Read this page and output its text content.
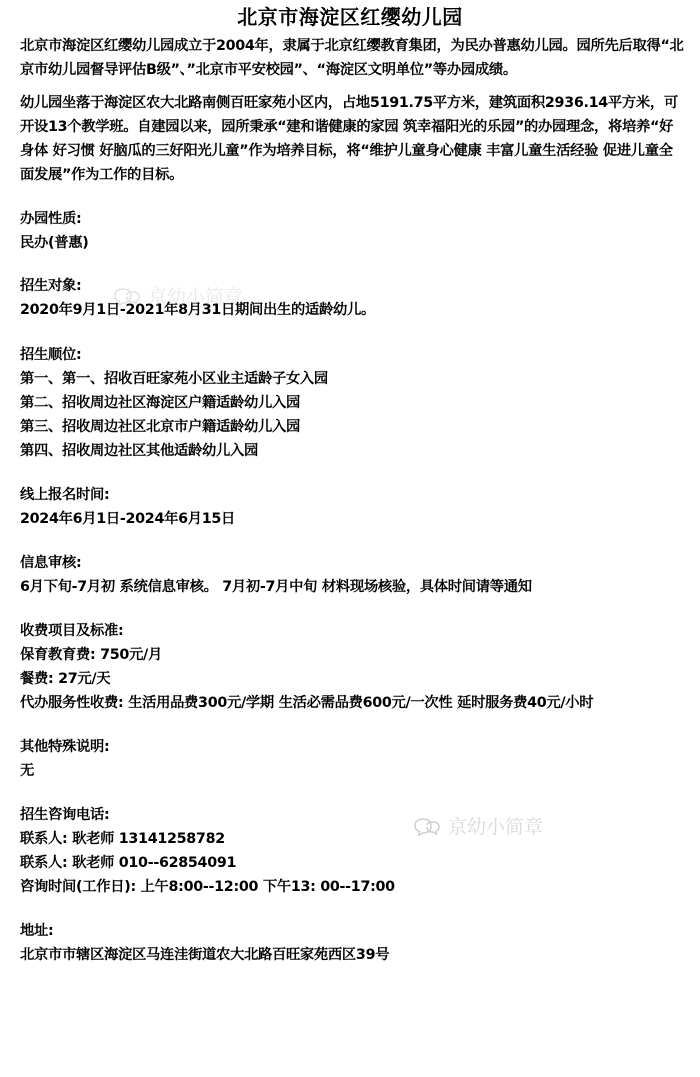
北京市海淀区红缨幼儿园

北京市海淀区红缨幼儿园成立于2004年，隶属于北京红缨教育集团，为民办普惠幼儿园。园所先后取得“北京市幼儿园督导评估B级”、”北京市平安校园”、“海淀区文明单位”等办园成绩。

幼儿园坐落于海淀区农大北路南侧百旺家苑小区内，占地5191.75平方米，建筑面积2936.14平方米，可开设13个教学班。自建园以来，园所秉承“建和谐健康的家园 筑幸福阳光的乐园”的办园理念，将培养“好身体 好习惯 好脑瓜的三好阳光儿童”作为培养目标，将“维护儿童身心健康 丰富儿童生活经验 促进儿童全面发展”作为工作的目标。

办园性质:
民办(普惠)
招生对象:
2020年9月1日-2021年8月31日期间出生的适龄幼儿。
招生顺位:
第一、第一、招收百旺家苑小区业主适龄子女入园
第二、招收周边社区海淀区户籍适龄幼儿入园
第三、招收周边社区北京市户籍适龄幼儿入园
第四、招收周边社区其他适龄幼儿入园
线上报名时间:
2024年6月1日-2024年6月15日
信息审核:
6月下旬-7月初 系统信息审核。 7月初-7月中旬 材料现场核验，具体时间请等通知
收费项目及标准:
保育教育费: 750元/月
餐费: 27元/天
代办服务性收费: 生活用品费300元/学期 生活必需品费600元/一次性 延时服务费40元/小时
其他特殊说明:
无
招生咨询电话:
联系人: 耿老师 13141258782
联系人: 耿老师 010--62854091
咨询时间(工作日): 上午8:00--12:00 下午13: 00--17:00
地址:
北京市市辖区海淀区马连洼街道农大北路百旺家苑西区39号
京幼小简章
京幼小简章
